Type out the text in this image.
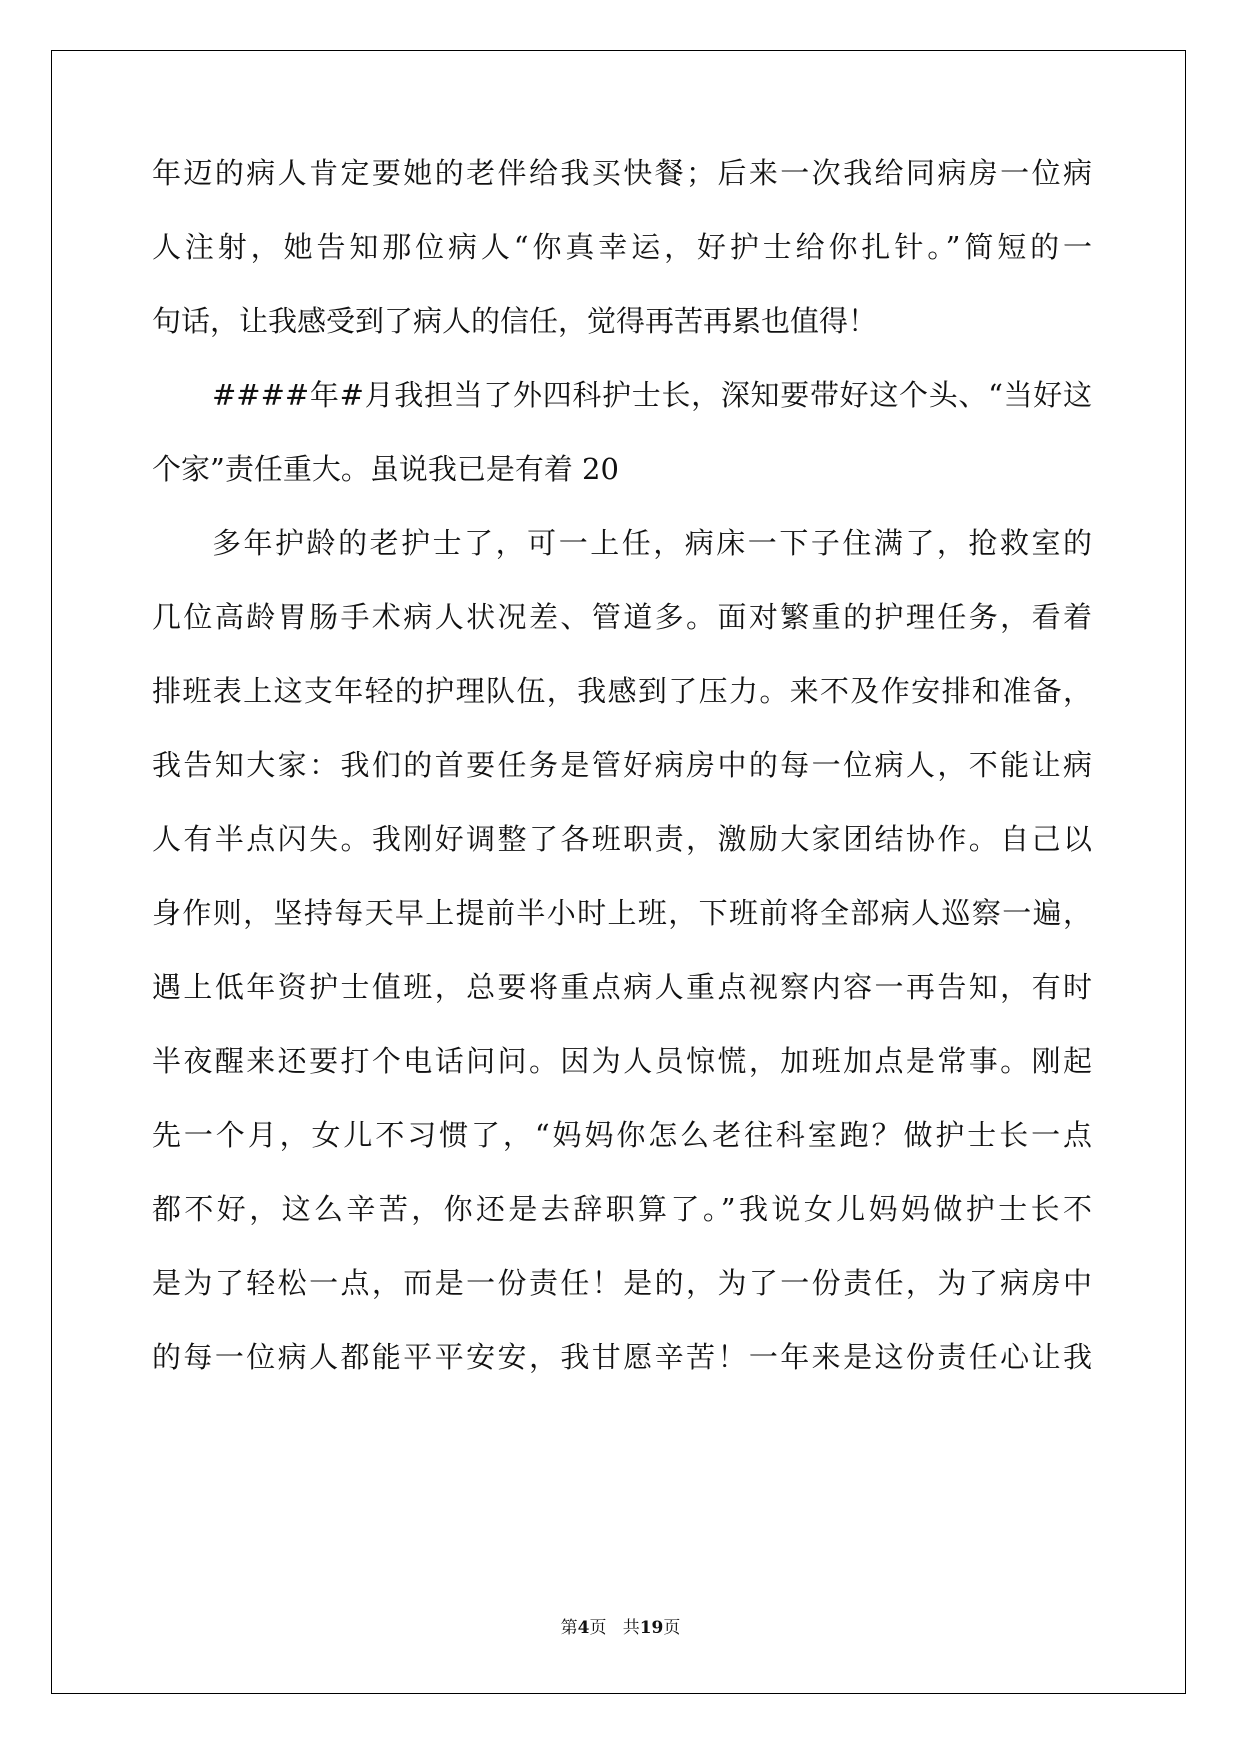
年迈的病人肯定要她的老伴给我买快餐；后来一次我给同病房一位病

人注射，她告知那位病人“你真幸运，好护士给你扎针。”简短的一

句话，让我感受到了病人的信任，觉得再苦再累也值得！

####年#月我担当了外四科护士长，深知要带好这个头、“当好这

个家”责任重大。虽说我已是有着 20

多年护龄的老护士了，可一上任，病床一下子住满了，抢救室的

几位高龄胃肠手术病人状况差、管道多。面对繁重的护理任务，看着

排班表上这支年轻的护理队伍，我感到了压力。来不及作安排和准备，

我告知大家：我们的首要任务是管好病房中的每一位病人，不能让病

人有半点闪失。我刚好调整了各班职责，激励大家团结协作。自己以

身作则，坚持每天早上提前半小时上班，下班前将全部病人巡察一遍，

遇上低年资护士值班，总要将重点病人重点视察内容一再告知，有时

半夜醒来还要打个电话问问。因为人员惊慌，加班加点是常事。刚起

先一个月，女儿不习惯了，“妈妈你怎么老往科室跑？做护士长一点

都不好，这么辛苦，你还是去辞职算了。”我说女儿妈妈做护士长不

是为了轻松一点，而是一份责任！是的，为了一份责任，为了病房中

的每一位病人都能平平安安，我甘愿辛苦！一年来是这份责任心让我

第4页 共19页
